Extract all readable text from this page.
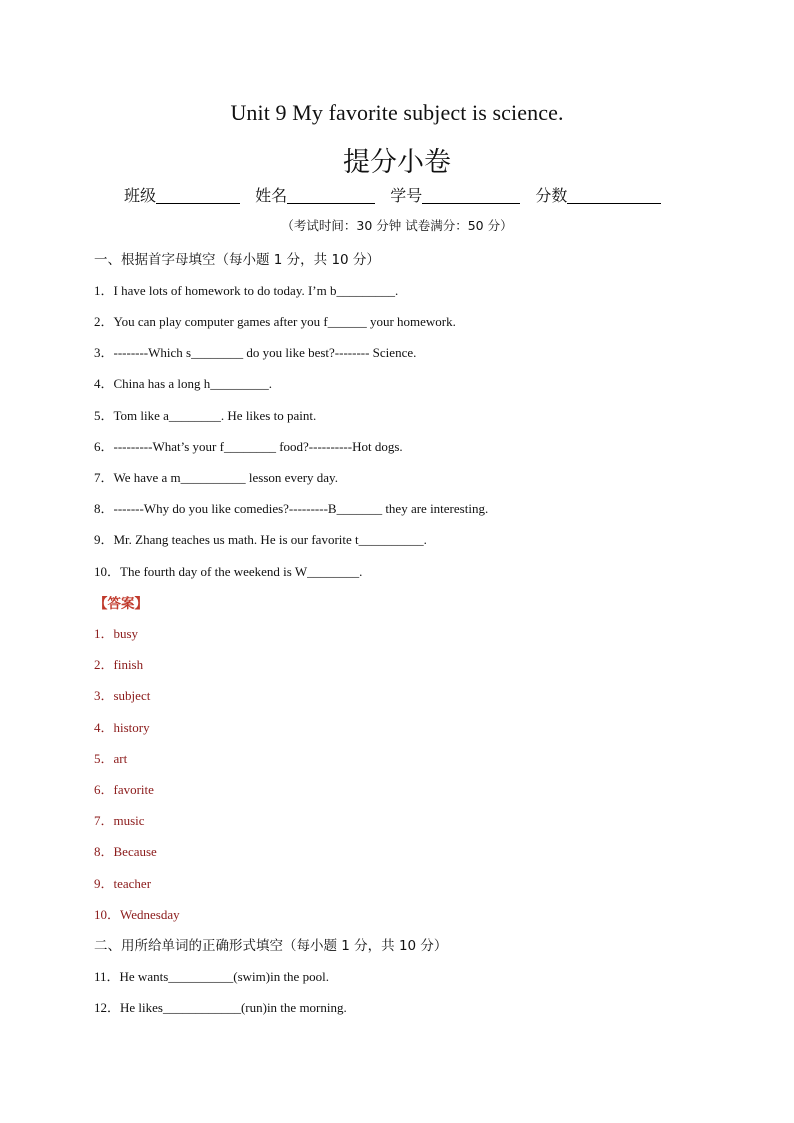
Unit 9 My favorite subject is science.
提分小卷
班级	姓名	学号	分数
（考试时间：30 分钟 试卷满分：50 分）
一、根据首字母填空（每小题 1 分，共 10 分）
1．I have lots of homework to do today. I’m b_________.
2．You can play computer games after you f______ your homework.
3．--------Which s________ do you like best?-------- Science.
4．China has a long h_________.
5．Tom like a________. He likes to paint.
6．---------What’s your f________ food?----------Hot dogs.
7．We have a m__________ lesson every day.
8．-------Why do you like comedies?---------B_______ they are interesting.
9．Mr. Zhang teaches us math. He is our favorite t__________.
10．The fourth day of the weekend is W________.
【答案】
1．busy
2．finish
3．subject
4．history
5．art
6．favorite
7．music
8．Because
9．teacher
10．Wednesday
二、用所给单词的正确形式填空（每小题 1 分，共 10 分）
11．He wants__________(swim)in the pool.
12．He likes____________(run)in the morning.
